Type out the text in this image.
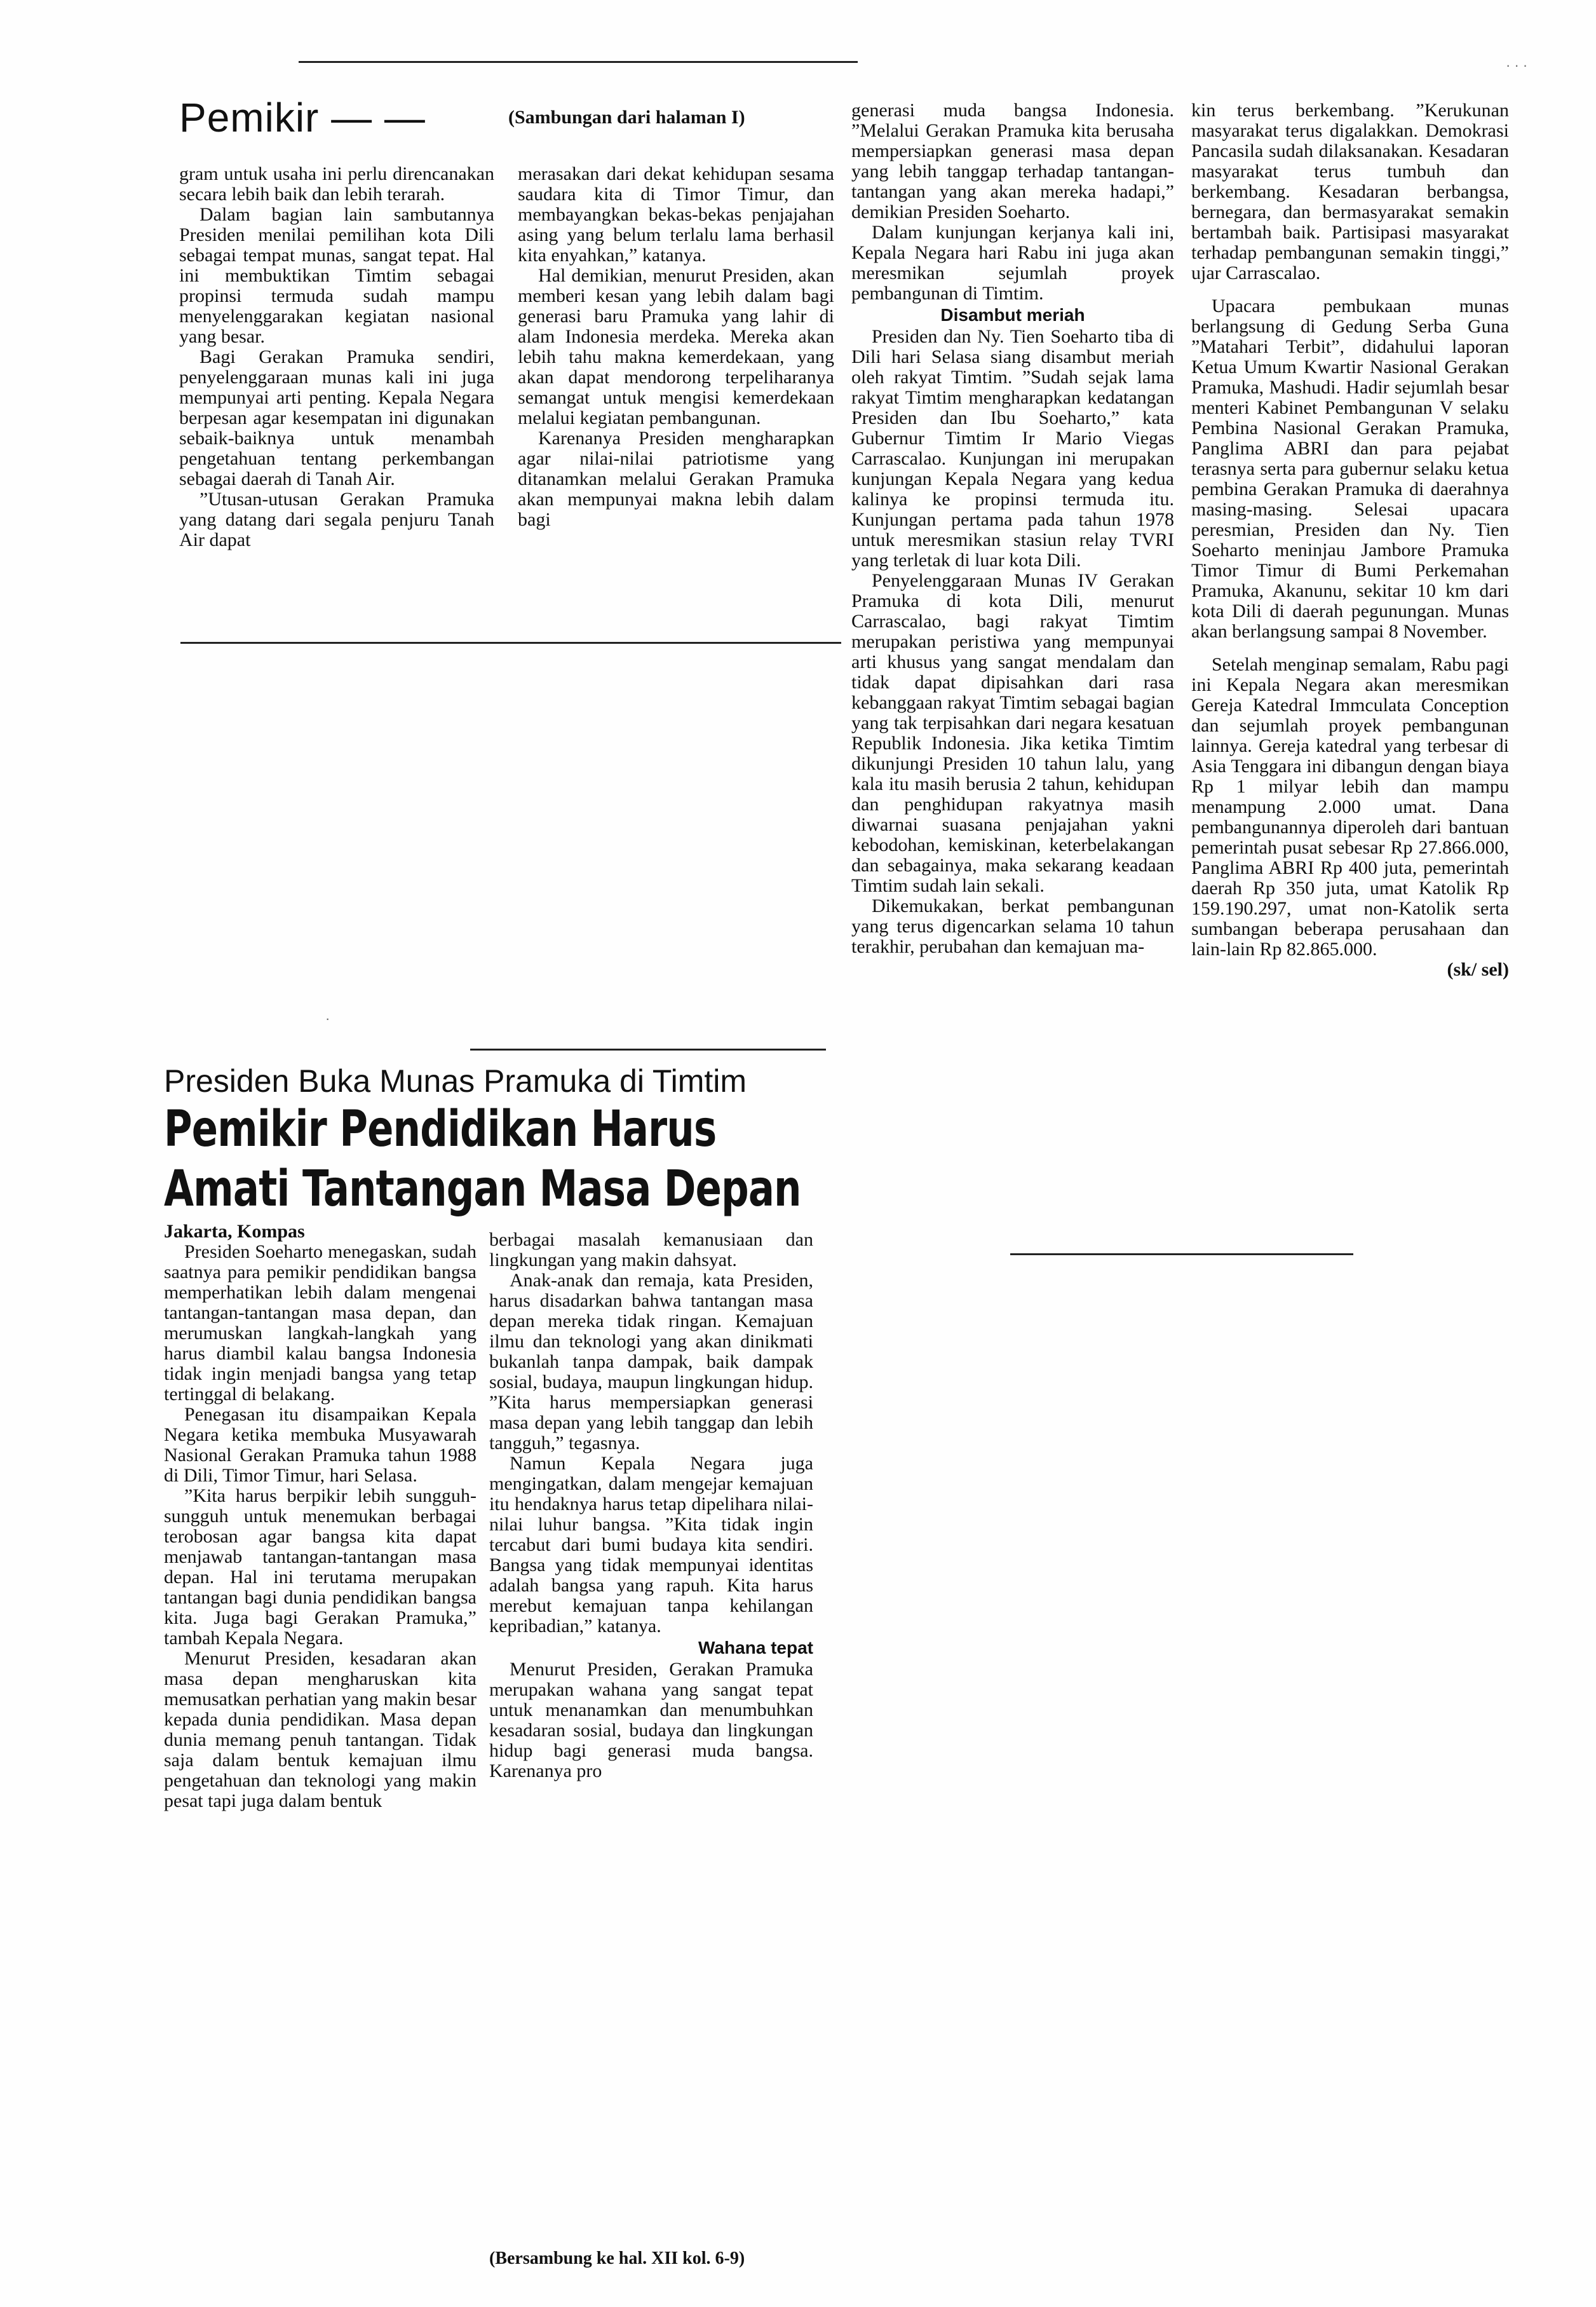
· · ·
Pemikir — —	(Sambungan dari halaman I)

gram untuk usaha ini perlu direncanakan secara lebih baik dan lebih terarah.

Dalam bagian lain sambutannya Presiden menilai pemilihan kota Dili sebagai tempat munas, sangat tepat. Hal ini membuktikan Timtim sebagai propinsi termuda sudah mampu menyelenggarakan kegiatan nasional yang besar.

Bagi Gerakan Pramuka sendiri, penyelenggaraan munas kali ini juga mempunyai arti penting. Kepala Negara berpesan agar kesempatan ini digunakan sebaik-baiknya untuk menambah pengetahuan tentang perkembangan sebagai daerah di Tanah Air.

”Utusan-utusan Gerakan Pramuka yang datang dari segala penjuru Tanah Air dapat

merasakan dari dekat kehidupan sesama saudara kita di Timor Timur, dan membayangkan bekas-bekas penjajahan asing yang belum terlalu lama berhasil kita enyahkan,” katanya.

Hal demikian, menurut Presiden, akan memberi kesan yang lebih dalam bagi generasi baru Pramuka yang lahir di alam Indonesia merdeka. Mereka akan lebih tahu makna kemerdekaan, yang akan dapat mendorong terpeliharanya semangat untuk mengisi kemerdekaan melalui kegiatan pembangunan.

Karenanya Presiden mengharapkan agar nilai-nilai patriotisme yang ditanamkan melalui Gerakan Pramuka akan mempunyai makna lebih dalam bagi

generasi muda bangsa Indonesia. ”Melalui Gerakan Pramuka kita berusaha mempersiapkan generasi masa depan yang lebih tanggap terhadap tantangan-tantangan yang akan mereka hadapi,” demikian Presiden Soeharto.

Dalam kunjungan kerjanya kali ini, Kepala Negara hari Rabu ini juga akan meresmikan sejumlah proyek pembangunan di Timtim.

Disambut meriah

Presiden dan Ny. Tien Soeharto tiba di Dili hari Selasa siang disambut meriah oleh rakyat Timtim. ”Sudah sejak lama rakyat Timtim mengharapkan kedatangan Presiden dan Ibu Soeharto,” kata Gubernur Timtim Ir Mario Viegas Carrascalao. Kunjungan ini merupakan kunjungan Kepala Negara yang kedua kalinya ke propinsi termuda itu. Kunjungan pertama pada tahun 1978 untuk meresmikan stasiun relay TVRI yang terletak di luar kota Dili.

Penyelenggaraan Munas IV Gerakan Pramuka di kota Dili, menurut Carrascalao, bagi rakyat Timtim merupakan peristiwa yang mempunyai arti khusus yang sangat mendalam dan tidak dapat dipisahkan dari rasa kebanggaan rakyat Timtim sebagai bagian yang tak terpisahkan dari negara kesatuan Republik Indonesia. Jika ketika Timtim dikunjungi Presiden 10 tahun lalu, yang kala itu masih berusia 2 tahun, kehidupan dan penghidupan rakyatnya masih diwarnai suasana penjajahan yakni kebodohan, kemiskinan, keterbelakangan dan sebagainya, maka sekarang keadaan Timtim sudah lain sekali.

Dikemukakan, berkat pembangunan yang terus digencarkan selama 10 tahun terakhir, perubahan dan kemajuan ma-

kin terus berkembang. ”Kerukunan masyarakat terus digalakkan. Demokrasi Pancasila sudah dilaksanakan. Kesadaran masyarakat terus tumbuh dan berkembang. Kesadaran berbangsa, bernegara, dan bermasyarakat semakin bertambah baik. Partisipasi masyarakat terhadap pembangunan semakin tinggi,” ujar Carrascalao.

Upacara pembukaan munas berlangsung di Gedung Serba Guna ”Matahari Terbit”, didahului laporan Ketua Umum Kwartir Nasional Gerakan Pramuka, Mashudi. Hadir sejumlah besar menteri Kabinet Pembangunan V selaku Pembina Nasional Gerakan Pramuka, Panglima ABRI dan para pejabat terasnya serta para gubernur selaku ketua pembina Gerakan Pramuka di daerahnya masing-masing. Selesai upacara peresmian, Presiden dan Ny. Tien Soeharto meninjau Jambore Pramuka Timor Timur di Bumi Perkemahan Pramuka, Akanunu, sekitar 10 km dari kota Dili di daerah pegunungan. Munas akan berlangsung sampai 8 November.

Setelah menginap semalam, Rabu pagi ini Kepala Negara akan meresmikan Gereja Katedral Immculata Conception dan sejumlah proyek pembangunan lainnya. Gereja katedral yang terbesar di Asia Tenggara ini dibangun dengan biaya Rp 1 milyar lebih dan mampu menampung 2.000 umat. Dana pembangunannya diperoleh dari bantuan pemerintah pusat sebesar Rp 27.866.000, Panglima ABRI Rp 400 juta, pemerintah daerah Rp 350 juta, umat Katolik Rp 159.190.297, umat non-Katolik serta sumbangan beberapa perusahaan dan lain-lain Rp 82.865.000.

(sk/ sel)
·
Presiden Buka Munas Pramuka di Timtim
Pemikir Pendidikan Harus
Amati Tantangan Masa Depan

Jakarta, Kompas

Presiden Soeharto menegaskan, sudah saatnya para pemikir pendidikan bangsa memperhatikan lebih dalam mengenai tantangan-tantangan masa depan, dan merumuskan langkah-langkah yang harus diambil kalau bangsa Indonesia tidak ingin menjadi bangsa yang tetap tertinggal di belakang.

Penegasan itu disampaikan Kepala Negara ketika membuka Musyawarah Nasional Gerakan Pramuka tahun 1988 di Dili, Timor Timur, hari Selasa.

”Kita harus berpikir lebih sungguh-sungguh untuk menemukan berbagai terobosan agar bangsa kita dapat menjawab tantangan-tantangan masa depan. Hal ini terutama merupakan tantangan bagi dunia pendidikan bangsa kita. Juga bagi Gerakan Pramuka,” tambah Kepala Negara.

Menurut Presiden, kesadaran akan masa depan mengharuskan kita memusatkan perhatian yang makin besar kepada dunia pendidikan. Masa depan dunia memang penuh tantangan. Tidak saja dalam bentuk kemajuan ilmu pengetahuan dan teknologi yang makin pesat tapi juga dalam bentuk

berbagai masalah kemanusiaan dan lingkungan yang makin dahsyat.

Anak-anak dan remaja, kata Presiden, harus disadarkan bahwa tantangan masa depan mereka tidak ringan. Kemajuan ilmu dan teknologi yang akan dinikmati bukanlah tanpa dampak, baik dampak sosial, budaya, maupun lingkungan hidup. ”Kita harus mempersiapkan generasi masa depan yang lebih tanggap dan lebih tangguh,” tegasnya.

Namun Kepala Negara juga mengingatkan, dalam mengejar kemajuan itu hendaknya harus tetap dipelihara nilai-nilai luhur bangsa. ”Kita tidak ingin tercabut dari bumi budaya kita sendiri. Bangsa yang tidak mempunyai identitas adalah bangsa yang rapuh. Kita harus merebut kemajuan tanpa kehilangan kepribadian,” katanya.

Wahana tepat

Menurut Presiden, Gerakan Pramuka merupakan wahana yang sangat tepat untuk menanamkan dan menumbuhkan kesadaran sosial, budaya dan lingkungan hidup bagi generasi muda bangsa. Karenanya pro

(Bersambung ke hal. XII kol. 6-9)
